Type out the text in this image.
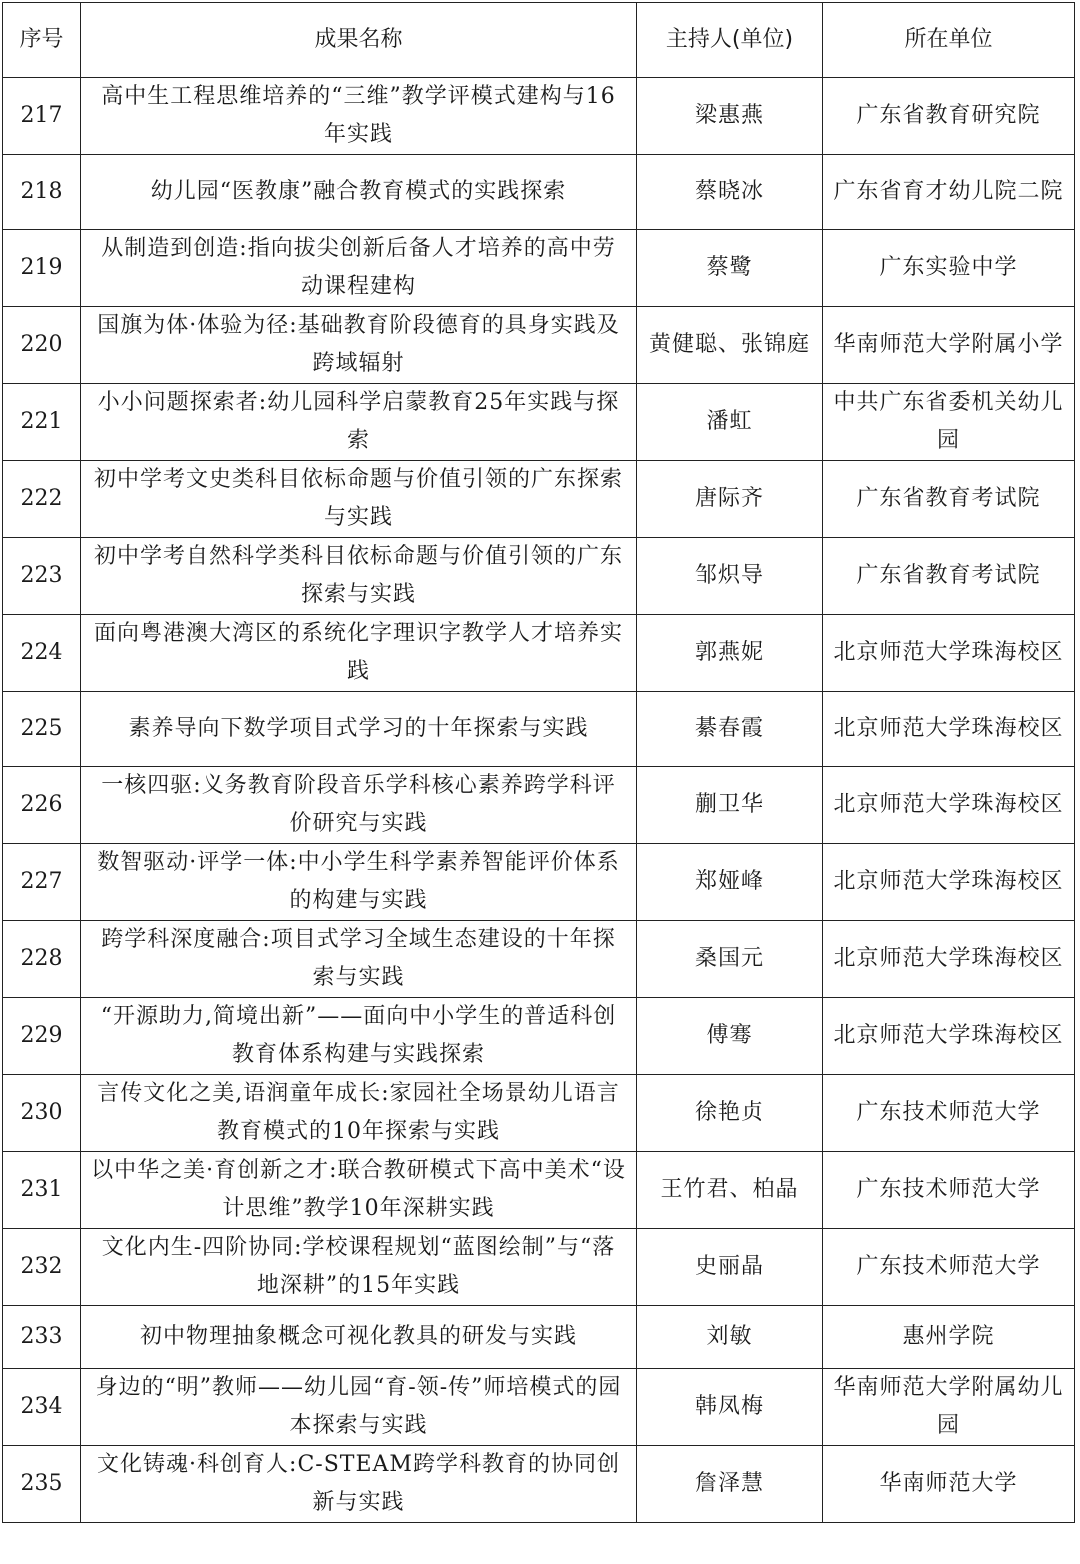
序号	成果名称	主持人(单位)	所在单位
217	高中生工程思维培养的“三维”教学评模式建构与16年实践	梁惠燕	广东省教育研究院
218	幼儿园“医教康”融合教育模式的实践探索	蔡晓冰	广东省育才幼儿院二院
219	从制造到创造:指向拔尖创新后备人才培养的高中劳动课程建构	蔡鹭	广东实验中学
220	国旗为体·体验为径:基础教育阶段德育的具身实践及跨域辐射	黄健聪、张锦庭	华南师范大学附属小学
221	小小问题探索者:幼儿园科学启蒙教育25年实践与探索	潘虹	中共广东省委机关幼儿园
222	初中学考文史类科目依标命题与价值引领的广东探索与实践	唐际齐	广东省教育考试院
223	初中学考自然科学类科目依标命题与价值引领的广东探索与实践	邹炽导	广东省教育考试院
224	面向粤港澳大湾区的系统化字理识字教学人才培养实践	郭燕妮	北京师范大学珠海校区
225	素养导向下数学项目式学习的十年探索与实践	綦春霞	北京师范大学珠海校区
226	一核四驱:义务教育阶段音乐学科核心素养跨学科评价研究与实践	蒯卫华	北京师范大学珠海校区
227	数智驱动·评学一体:中小学生科学素养智能评价体系的构建与实践	郑娅峰	北京师范大学珠海校区
228	跨学科深度融合:项目式学习全域生态建设的十年探索与实践	桑国元	北京师范大学珠海校区
229	“开源助力,简境出新”——面向中小学生的普适科创教育体系构建与实践探索	傅骞	北京师范大学珠海校区
230	言传文化之美,语润童年成长:家园社全场景幼儿语言教育模式的10年探索与实践	徐艳贞	广东技术师范大学
231	以中华之美·育创新之才:联合教研模式下高中美术“设计思维”教学10年深耕实践	王竹君、柏晶	广东技术师范大学
232	文化内生-四阶协同:学校课程规划“蓝图绘制”与“落地深耕”的15年实践	史丽晶	广东技术师范大学
233	初中物理抽象概念可视化教具的研发与实践	刘敏	惠州学院
234	身边的“明”教师——幼儿园“育-领-传”师培模式的园本探索与实践	韩凤梅	华南师范大学附属幼儿园
235	文化铸魂·科创育人:C-STEAM跨学科教育的协同创新与实践	詹泽慧	华南师范大学
